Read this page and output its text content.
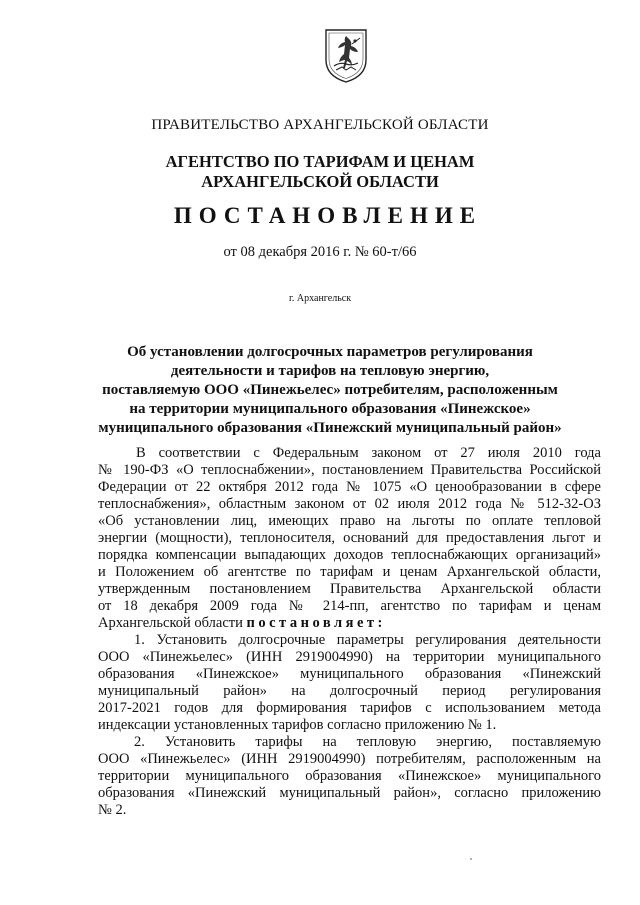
ПРАВИТЕЛЬСТВО АРХАНГЕЛЬСКОЙ ОБЛАСТИ
АГЕНТСТВО ПО ТАРИФАМ И ЦЕНАМ
АРХАНГЕЛЬСКОЙ ОБЛАСТИ
ПОСТАНОВЛЕНИЕ
от 08 декабря 2016 г. № 60-т/66
г. Архангельск
Об установлении долгосрочных параметров регулирования
деятельности и тарифов на тепловую энергию,
поставляемую ООО «Пинежьелес» потребителям, расположенным
на территории муниципального образования «Пинежское»
муниципального образования «Пинежский муниципальный район»
В соответствии с Федеральным законом от 27 июля 2010 года
№ 190-ФЗ «О теплоснабжении», постановлением Правительства Российской
Федерации от 22 октября 2012 года № 1075 «О ценообразовании в сфере
теплоснабжения», областным законом от 02 июля 2012 года № 512-32-ОЗ
«Об установлении лиц, имеющих право на льготы по оплате тепловой
энергии (мощности), теплоносителя, оснований для предоставления льгот и
порядка компенсации выпадающих доходов теплоснабжающих организаций»
и Положением об агентстве по тарифам и ценам Архангельской области,
утвержденным постановлением Правительства Архангельской области
от 18 декабря 2009 года № 214-пп, агентство по тарифам и ценам
Архангельской области постановляет:
1. Установить долгосрочные параметры регулирования деятельности
ООО «Пинежьелес» (ИНН 2919004990) на территории муниципального
образования «Пинежское» муниципального образования «Пинежский
муниципальный район» на долгосрочный период регулирования
2017-2021 годов для формирования тарифов с использованием метода
индексации установленных тарифов согласно приложению № 1.
2. Установить тарифы на тепловую энергию, поставляемую
ООО «Пинежьелес» (ИНН 2919004990) потребителям, расположенным на
территории муниципального образования «Пинежское» муниципального
образования «Пинежский муниципальный район», согласно приложению
№ 2.
